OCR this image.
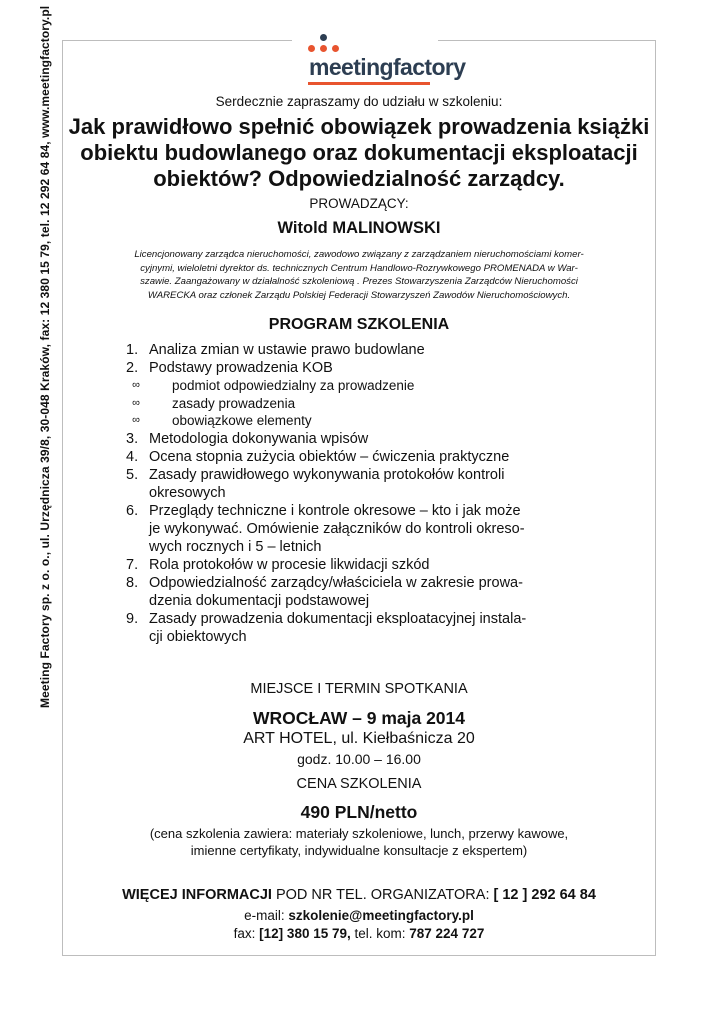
Meeting Factory sp. z o. o., ul. Urzędnicza 39/8, 30-048 Kraków, fax: 12 380 15 79, tel. 12 292 64 84, www.meetingfactory.pl	meetingfactory
Serdecznie zapraszamy do udziału w szkoleniu:
Jak prawidłowo spełnić obowiązek prowadzenia książki
obiektu budowlanego oraz dokumentacji eksploatacji
obiektów? Odpowiedzialność zarządcy.
PROWADZĄCY:
Witold MALINOWSKI
Licencjonowany zarządca nieruchomości, zawodowo związany z zarządzaniem nieruchomościami komer-
cyjnymi, wieloletni dyrektor ds. technicznych Centrum Handlowo-Rozrywkowego PROMENADA w War-
szawie. Zaangażowany w działalność szkoleniową . Prezes Stowarzyszenia Zarządców Nieruchomości
WARECKA oraz członek Zarządu Polskiej Federacji Stowarzyszeń Zawodów Nieruchomościowych.
PROGRAM SZKOLENIA
1. Analiza zmian w ustawie prawo budowlane
2. Podstawy prowadzenia KOB
∞ podmiot odpowiedzialny za prowadzenie
∞ zasady prowadzenia
∞ obowiązkowe elementy
3. Metodologia dokonywania wpisów
4. Ocena stopnia zużycia obiektów – ćwiczenia praktyczne
5. Zasady prawidłowego wykonywania protokołów kontroli
okresowych
6. Przeglądy techniczne i kontrole okresowe – kto i jak może
je wykonywać. Omówienie załączników do kontroli okreso-
wych rocznych i 5 – letnich
7. Rola protokołów w procesie likwidacji szkód
8. Odpowiedzialność zarządcy/właściciela w zakresie prowa-
dzenia dokumentacji podstawowej
9. Zasady prowadzenia dokumentacji eksploatacyjnej instala-
cji obiektowych
MIEJSCE I TERMIN SPOTKANIA
WROCŁAW – 9 maja 2014
ART HOTEL, ul. Kiełbaśnicza 20
godz. 10.00 – 16.00
CENA SZKOLENIA
490 PLN/netto
(cena szkolenia zawiera: materiały szkoleniowe, lunch, przerwy kawowe,
imienne certyfikaty, indywidualne konsultacje z ekspertem)
WIĘCEJ INFORMACJI POD NR TEL. ORGANIZATORA: [ 12 ] 292 64 84
e-mail: szkolenie@meetingfactory.pl
fax: [12] 380 15 79, tel. kom: 787 224 727
